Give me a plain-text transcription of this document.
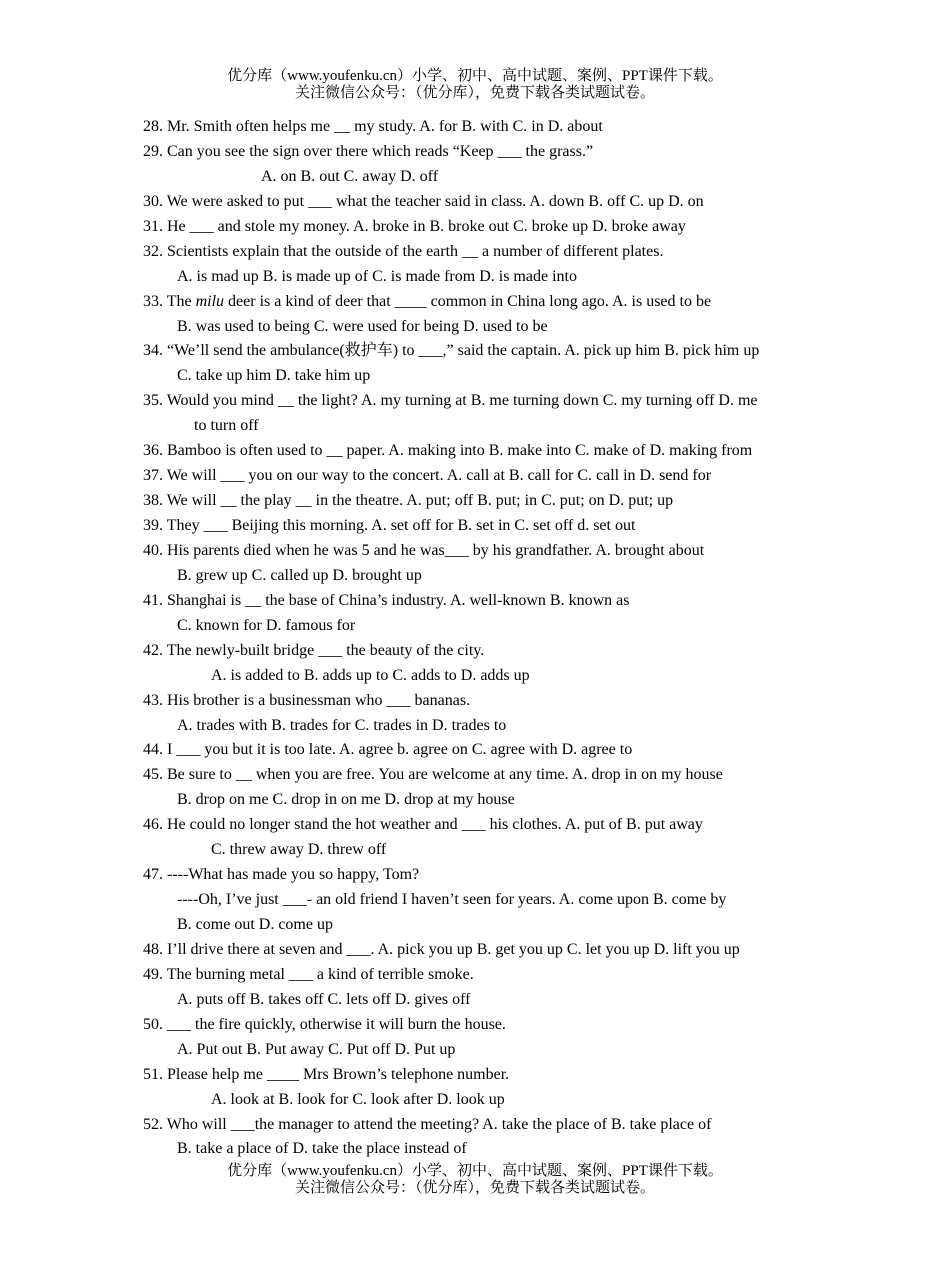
优分库（www.youfenku.cn）小学、初中、高中试题、案例、PPT课件下载。
关注微信公众号：（优分库），免费下载各类试题试卷。
28. Mr. Smith often helps me __ my study. A. for B. with C. in D. about
29. Can you see the sign over there which reads “Keep ___ the grass.”
A. on B. out C. away D. off
30. We were asked to put ___ what the teacher said in class. A. down B. off C. up D. on
31. He ___ and stole my money. A. broke in B. broke out C. broke up D. broke away
32. Scientists explain that the outside of the earth __ a number of different plates.
A. is mad up B. is made up of C. is made from D. is made into
33. The milu deer is a kind of deer that ____ common in China long ago. A. is used to be
B. was used to being C. were used for being D. used to be
34. “We’ll send the ambulance(救护车) to ___,” said the captain. A. pick up him B. pick him up
C. take up him D. take him up
35. Would you mind __ the light? A. my turning at B. me turning down C. my turning off D. me
to turn off
36. Bamboo is often used to __ paper. A. making into B. make into C. make of D. making from
37. We will ___ you on our way to the concert. A. call at B. call for C. call in D. send for
38. We will __ the play __ in the theatre. A. put; off B. put; in C. put; on D. put; up
39. They ___ Beijing this morning. A. set off for B. set in C. set off d. set out
40. His parents died when he was 5 and he was___ by his grandfather. A. brought about
B. grew up C. called up D. brought up
41. Shanghai is __ the base of China’s industry. A. well-known B. known as
C. known for D. famous for
42. The newly-built bridge ___ the beauty of the city.
A. is added to B. adds up to C. adds to D. adds up
43. His brother is a businessman who ___ bananas.
A. trades with B. trades for C. trades in D. trades to
44. I ___ you but it is too late. A. agree b. agree on C. agree with D. agree to
45. Be sure to __ when you are free. You are welcome at any time. A. drop in on my house
B. drop on me C. drop in on me D. drop at my house
46. He could no longer stand the hot weather and ___ his clothes. A. put of B. put away
C. threw away D. threw off
47. ----What has made you so happy, Tom?
----Oh, I’ve just ___- an old friend I haven’t seen for years. A. come upon B. come by
B. come out D. come up
48. I’ll drive there at seven and ___. A. pick you up B. get you up C. let you up D. lift you up
49. The burning metal ___ a kind of terrible smoke.
A. puts off B. takes off C. lets off D. gives off
50. ___ the fire quickly, otherwise it will burn the house.
A. Put out B. Put away C. Put off D. Put up
51. Please help me ____ Mrs Brown’s telephone number.
A. look at B. look for C. look after D. look up
52. Who will ___the manager to attend the meeting? A. take the place of B. take place of
B. take a place of D. take the place instead of
优分库（www.youfenku.cn）小学、初中、高中试题、案例、PPT课件下载。
关注微信公众号：（优分库），免费下载各类试题试卷。
